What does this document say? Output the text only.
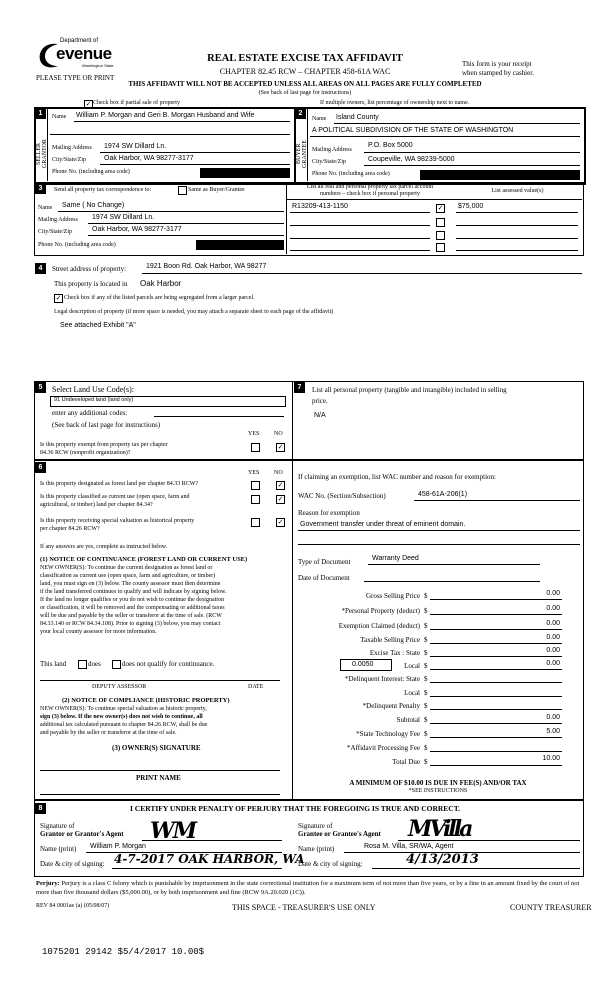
Department of
evenue
Washington State
PLEASE TYPE OR PRINT
REAL ESTATE EXCISE TAX AFFIDAVIT
CHAPTER 82.45 RCW – CHAPTER 458-61A WAC
THIS AFFIDAVIT WILL NOT BE ACCEPTED UNLESS ALL AREAS ON ALL PAGES ARE FULLY COMPLETED
(See back of last page for instructions)
This form is your receipt
when stamped by cashier.
✓ Check box if partial sale of property	If multiple owners, list percentage of ownership next to name.
1	2
SELLER GRANTOR	BUYER GRANTEE
Name William P. Morgan and Geri B. Morgan Husband and Wife
Mailing Address 1974 SW Dillard Ln.
City/State/Zip	Oak Harbor, WA 98277-3177
Phone No. (including area code)
Name Island County
A POLITICAL SUBDIVISION OF THE STATE OF WASHINGTON
Mailing Address
P.O. Box 5000
City/State/Zip	Coupeville, WA 98239-5000
Phone No. (including area code)
3	Send all property tax correspondence to:	Same as Buyer/Grantee
Name Same ( No Change)
Mailing Address 1974 SW Dillard Ln.
City/State/Zip	Oak Harbor, WA 98277-3177
Phone No. (including area code)
List all real and personal property tax parcel account
numbers – check box if personal property	List assessed value(s)
R13209-413-1150	$75,000
✓
4	Street address of property:	1921 Boon Rd. Oak Harbor, WA 98277
This property is located in Oak Harbor
✓ Check box if any of the listed parcels are being segregated from a larger parcel.
Legal description of property (if more space is needed, you may attach a separate sheet to each page of the affidavit)
See attached Exhibit "A"
5	7
Select Land Use Code(s):
91 Undeveloped land (land only)
enter any additional codes:
(See back of last page for instructions)
YES NO
Is this property exempt from property tax per chapter
84.36 RCW (nonprofit organization)?
✓
List all personal property (tangible and intangible) included in selling
price.
N/A
6
YES NO
Is this property designated as forest land per chapter 84.33 RCW?	✓
Is this property classified as current use (open space, farm and
agricultural, or timber) land per chapter 84.34?
✓
Is this property receiving special valuation as historical property
per chapter 84.26 RCW?
✓
If any answers are yes, complete as instructed below.
(1) NOTICE OF CONTINUANCE (FOREST LAND OR CURRENT USE)
NEW OWNER(S): To continue the current designation as forest land or
classification as current use (open space, farm and agriculture, or timber)
land, you must sign on (3) below. The county assessor must then determine
if the land transferred continues to qualify and will indicate by signing below.
If the land no longer qualifies or you do not wish to continue the designation
or classification, it will be removed and the compensating or additional taxes
will be due and payable by the seller or transferor at the time of sale. (RCW
84.33.140 or RCW 84.34.108). Prior to signing (3) below, you may contact
your local county assessor for more information.
This land	does	does not qualify for continuance.
DEPUTY ASSESSOR	DATE
(2) NOTICE OF COMPLIANCE (HISTORIC PROPERTY)
NEW OWNER(S): To continue special valuation as historic property,
sign (3) below. If the new owner(s) does not wish to continue, all
additional tax calculated pursuant to chapter 84.26 RCW, shall be due
and payable by the seller or transferor at the time of sale.
(3) OWNER(S) SIGNATURE
PRINT NAME
If claiming an exemption, list WAC number and reason for exemption:
WAC No. (Section/Subsection)	458-61A-206(1)
Reason for exemption
Government transfer under threat of eminent domain.
Type of Document	Warranty Deed
Date of Document
Gross Selling Price $	0.00
*Personal Property (deduct) $	0.00
Exemption Claimed (deduct) $	0.00
Taxable Selling Price $	0.00
Excise Tax : State $	0.00
0.0050	Local $	0.00
*Delinquent Interest: State $
Local $
*Delinquent Penalty $
Subtotal $	0.00
*State Technology Fee $	5.00
*Affidavit Processing Fee $
Total Due $	10.00
A MINIMUM OF $10.00 IS DUE IN FEE(S) AND/OR TAX
*SEE INSTRUCTIONS
8	I CERTIFY UNDER PENALTY OF PERJURY THAT THE FOREGOING IS TRUE AND CORRECT.
Signature of
Grantor or Grantor's Agent WM
Name (print) William P. Morgan
Date & city of signing: 4-7-2017 OAK HARBOR, WA
Signature of
Grantee or Grantee's Agent MVilla
Name (print)	Rosa M. Villa, SR/WA, Agent
Date & city of signing:	4/13/2013
Perjury: Perjury is a class C felony which is punishable by imprisonment in the state correctional institution for a maximum term of not more than five years, or by a fine in an amount fixed by the court of not more than five thousand dollars ($5,000.00), or by both imprisonment and fine (RCW 9A.20.020 (1C)).
REV 84 0001ae (a) (05/08/07)	THIS SPACE - TREASURER'S USE ONLY	COUNTY TREASURER
1075201 29142 $5/4/2017 10.00$
